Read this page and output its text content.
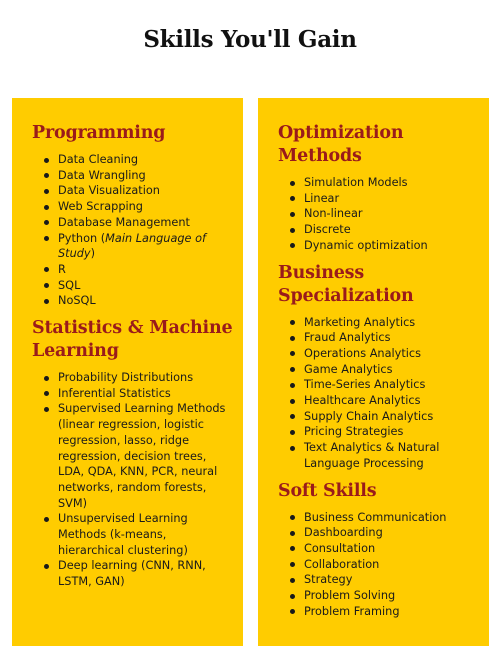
Skills You'll Gain
Programming
Data Cleaning
Data Wrangling
Data Visualization
Web Scrapping
Database Management
Python (Main Language of Study)
R
SQL
NoSQL
Statistics & Machine Learning
Probability Distributions
Inferential Statistics
Supervised Learning Methods (linear regression, logistic regression, lasso, ridge regression, decision trees, LDA, QDA, KNN, PCR, neural networks, random forests, SVM)
Unsupervised Learning Methods (k-means, hierarchical clustering)
Deep learning (CNN, RNN, LSTM, GAN)
Optimization Methods
Simulation Models
Linear
Non-linear
Discrete
Dynamic optimization
Business Specialization
Marketing Analytics
Fraud Analytics
Operations Analytics
Game Analytics
Time-Series Analytics
Healthcare Analytics
Supply Chain Analytics
Pricing Strategies
Text Analytics & Natural Language Processing
Soft Skills
Business Communication
Dashboarding
Consultation
Collaboration
Strategy
Problem Solving
Problem Framing
